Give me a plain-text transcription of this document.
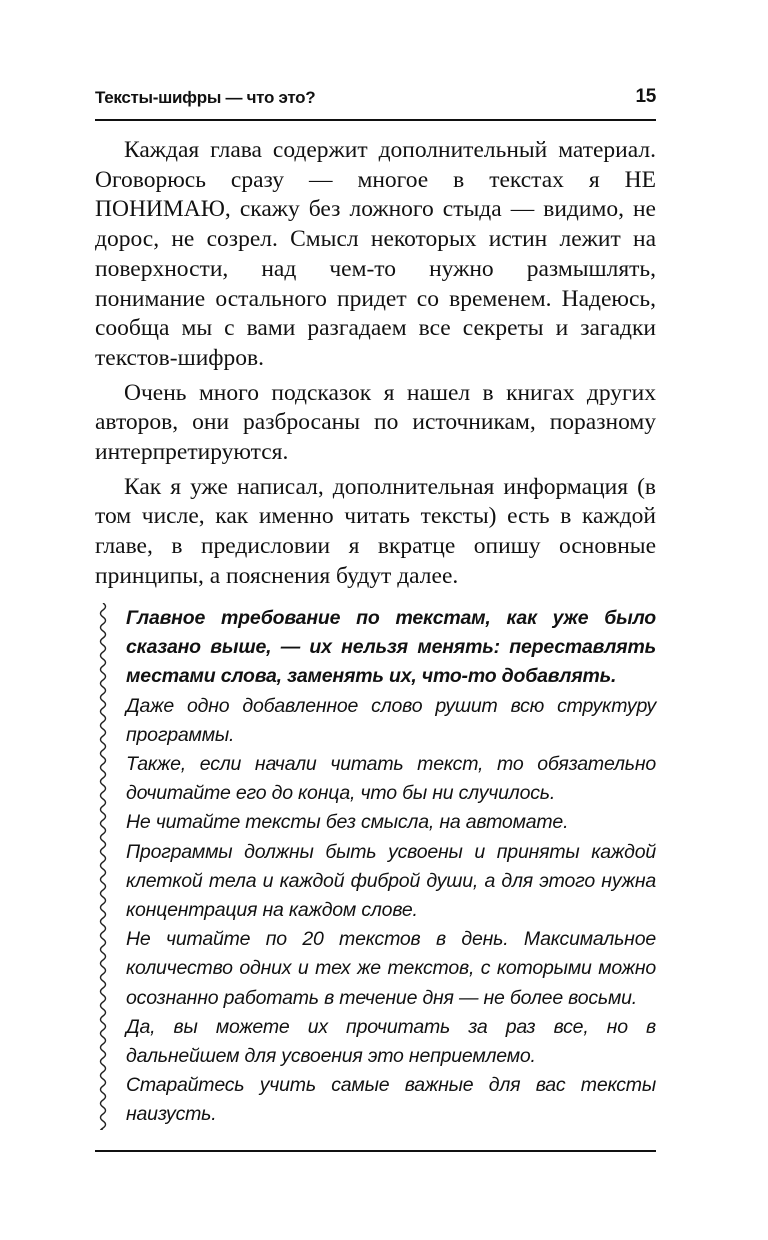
Тексты-шифры — что это?	15

Каждая глава содержит дополнительный материал. Оговорюсь сразу — многое в текстах я НЕ ПОНИМАЮ, скажу без ложного стыда — видимо, не дорос, не созрел. Смысл некоторых истин лежит на поверхности, над чем-то нужно размышлять, понимание остального придет со временем. Надеюсь, сообща мы с вами разгадаем все секреты и загадки текстов-шифров.

Очень много подсказок я нашел в книгах других авторов, они разбросаны по источникам, поразному интерпретируются.

Как я уже написал, дополнительная информация (в том числе, как именно читать тексты) есть в каждой главе, в предисловии я вкратце опишу основные принципы, а пояснения будут далее.

Главное требование по текстам, как уже было сказано выше, — их нельзя менять: переставлять местами слова, заменять их, что-то добавлять.

Даже одно добавленное слово рушит всю структуру программы.

Также, если начали читать текст, то обязательно дочитайте его до конца, что бы ни случилось.

Не читайте тексты без смысла, на автомате.

Программы должны быть усвоены и приняты каждой клеткой тела и каждой фиброй души, а для этого нужна концентрация на каждом слове.

Не читайте по 20 текстов в день. Максимальное количество одних и тех же текстов, с которыми можно осознанно работать в течение дня — не более восьми.

Да, вы можете их прочитать за раз все, но в дальнейшем для усвоения это неприемлемо.

Старайтесь учить самые важные для вас тексты наизусть.
